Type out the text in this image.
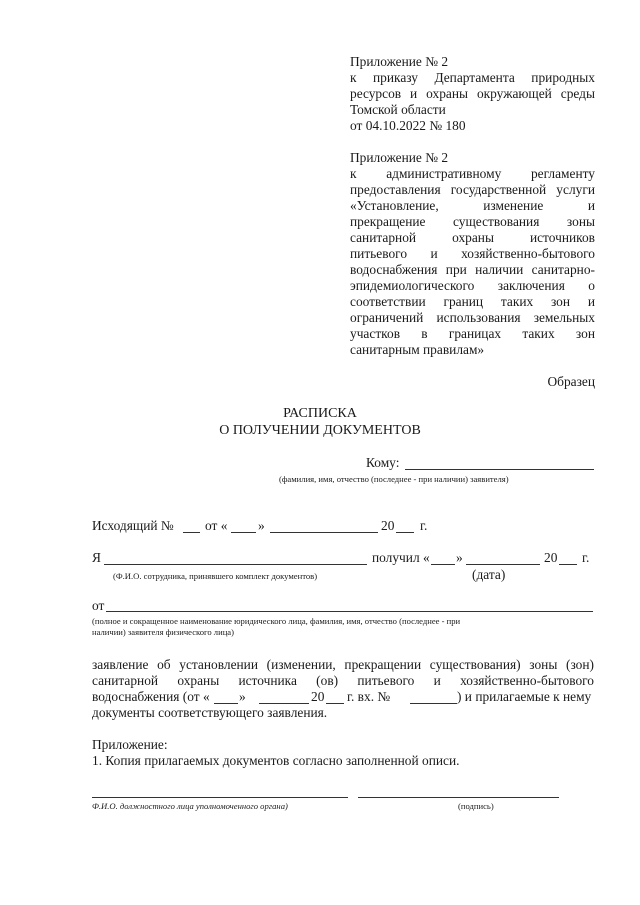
Приложение № 2
к приказу Департамента природных
ресурсов и охраны окружающей среды
Томской области
от 04.10.2022 № 180
Приложение № 2
к административному регламенту
предоставления государственной услуги
«Установление, изменение и
прекращение существования зоны
санитарной охраны источников
питьевого и хозяйственно-бытового
водоснабжения при наличии санитарно-
эпидемиологического заключения о
соответствии границ таких зон и
ограничений использования земельных
участков в границах таких зон
санитарным правилам»
Образец
РАСПИСКА
О ПОЛУЧЕНИИ ДОКУМЕНТОВ
Кому:
(фамилия, имя, отчество (последнее - при наличии) заявителя)
Исходящий № от « »	20 г.
Я	получил « »	20 г.
(Ф.И.О. сотрудника, принявшего комплект документов)	(дата)
от
(полное и сокращенное наименование юридического лица, фамилия, имя, отчество (последнее - при
наличии) заявителя физического лица)
заявление об установлении (изменении, прекращении существования) зоны (зон)
санитарной охраны источника (ов) питьевого и хозяйственно-бытового
водоснабжения (от « »	20 г. вх. №	) и прилагаемые к нему
документы соответствующего заявления.
Приложение:
1. Копия прилагаемых документов согласно заполненной описи.
Ф.И.О. должностного лица уполномоченного органа)	(подпись)
